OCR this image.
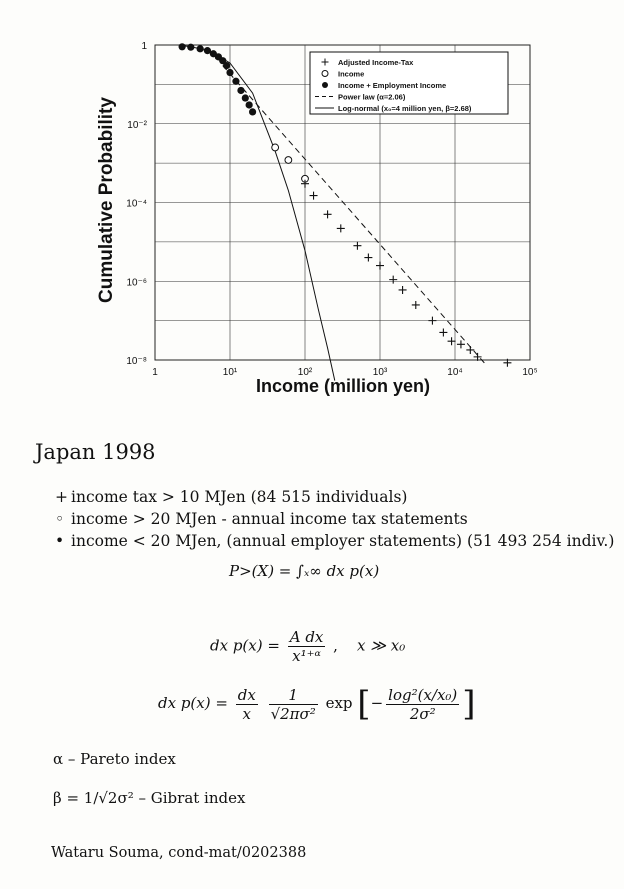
1	10¹	10²	10³	10⁴	10⁵
1
10⁻²
10⁻⁴
10⁻⁶
10⁻⁸
Adjusted Income-Tax
Income
Income + Employment Income
Power law (α=2.06)
Log-normal (x₀=4 million yen, β=2.68)
Cumulative Probability
Income (million yen)
Japan 1998
+ income tax > 10 MJen (84 515 individuals)
◦ income > 20 MJen - annual income tax statements
• income < 20 MJen, (annual employer statements) (51 493 254 indiv.)
P>(X) = ∫ₓ∞ dx p(x)
dx $p(x) = \frac{\text{A dx}}{\text{x¹⁺ᵅ}}$ , x ≫ x₀
dx $p(x) = \frac{dx}{x}$
$\frac{1}{\text{√2πσ²}}$ exp [− $\frac{\text{log²(x/x₀)}}{\text{2σ²}}$ ]
α – Pareto index
β = 1/√2σ² – Gibrat index
Wataru Souma, cond-mat/0202388
